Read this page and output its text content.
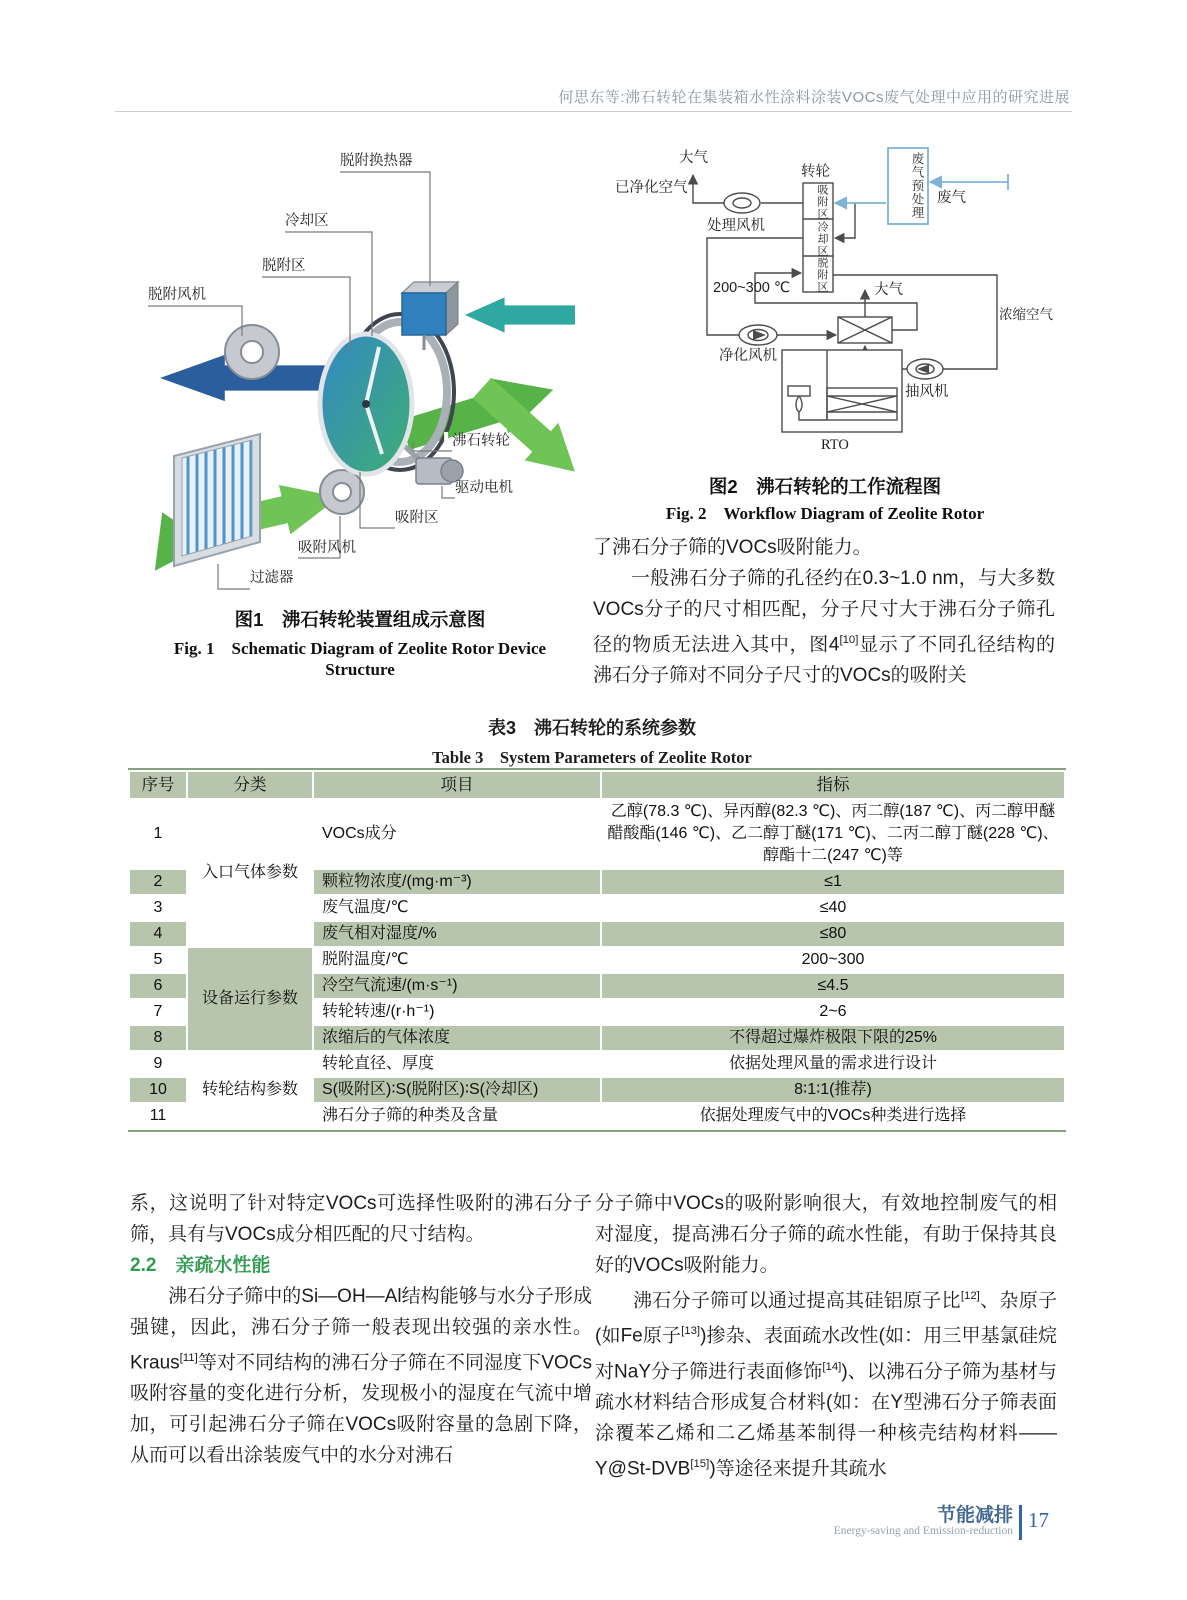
何思东等:沸石转轮在集装箱水性涂料涂装VOCs废气处理中应用的研究进展
脱附换热器
冷却区
脱附区
脱附风机
沸石转轮
驱动电机
吸附区
吸附风机
过滤器
图1　沸石转轮装置组成示意图
Fig. 1　Schematic Diagram of Zeolite Rotor Device
Structure
大气
已净化空气
处理风机
转轮
吸附区
冷却区
脱附区
废气预处理 废气
200~300 ℃	大气
浓缩空气
净化风机
抽风机
RTO
图2　沸石转轮的工作流程图
Fig. 2　Workflow Diagram of Zeolite Rotor

了沸石分子筛的VOCs吸附能力。

一般沸石分子筛的孔径约在0.3~1.0 nm，与大多数VOCs分子的尺寸相匹配，分子尺寸大于沸石分子筛孔径的物质无法进入其中，图4[10]显示了不同孔径结构的沸石分子筛对不同分子尺寸的VOCs的吸附关

表3　沸石转轮的系统参数
Table 3　System Parameters of Zeolite Rotor
序号	分类	项目	指标
1	入口气体参数	VOCs成分	乙醇(78.3 ℃)、异丙醇(82.3 ℃)、丙二醇(187 ℃)、丙二醇甲醚醋酸酯(146 ℃)、乙二醇丁醚(171 ℃)、二丙二醇丁醚(228 ℃)、醇酯十二(247 ℃)等
2		颗粒物浓度/(mg·m⁻³)	≤1
3		废气温度/℃	≤40
4		废气相对湿度/%	≤80
5	设备运行参数	脱附温度/℃	200~300
6		冷空气流速/(m·s⁻¹)	≤4.5
7		转轮转速/(r·h⁻¹)	2~6
8		浓缩后的气体浓度	不得超过爆炸极限下限的25%
9	转轮结构参数	转轮直径、厚度	依据处理风量的需求进行设计
10		S(吸附区)∶S(脱附区)∶S(冷却区)	8∶1∶1(推荐)
11		沸石分子筛的种类及含量	依据处理废气中的VOCs种类进行选择

系，这说明了针对特定VOCs可选择性吸附的沸石分子筛，具有与VOCs成分相匹配的尺寸结构。

2.2　亲疏水性能

沸石分子筛中的Si—OH—Al结构能够与水分子形成强键，因此，沸石分子筛一般表现出较强的亲水性。Kraus[11]等对不同结构的沸石分子筛在不同湿度下VOCs吸附容量的变化进行分析，发现极小的湿度在气流中增加，可引起沸石分子筛在VOCs吸附容量的急剧下降，从而可以看出涂装废气中的水分对沸石

分子筛中VOCs的吸附影响很大，有效地控制废气的相对湿度，提高沸石分子筛的疏水性能，有助于保持其良好的VOCs吸附能力。

沸石分子筛可以通过提高其硅铝原子比[12]、杂原子(如Fe原子[13])掺杂、表面疏水改性(如：用三甲基氯硅烷对NaY分子筛进行表面修饰[14])、以沸石分子筛为基材与疏水材料结合形成复合材料(如：在Y型沸石分子筛表面涂覆苯乙烯和二乙烯基苯制得一种核壳结构材料——Y@St-DVB[15])等途径来提升其疏水

节能减排
Energy-saving and Emission-reduction 17
